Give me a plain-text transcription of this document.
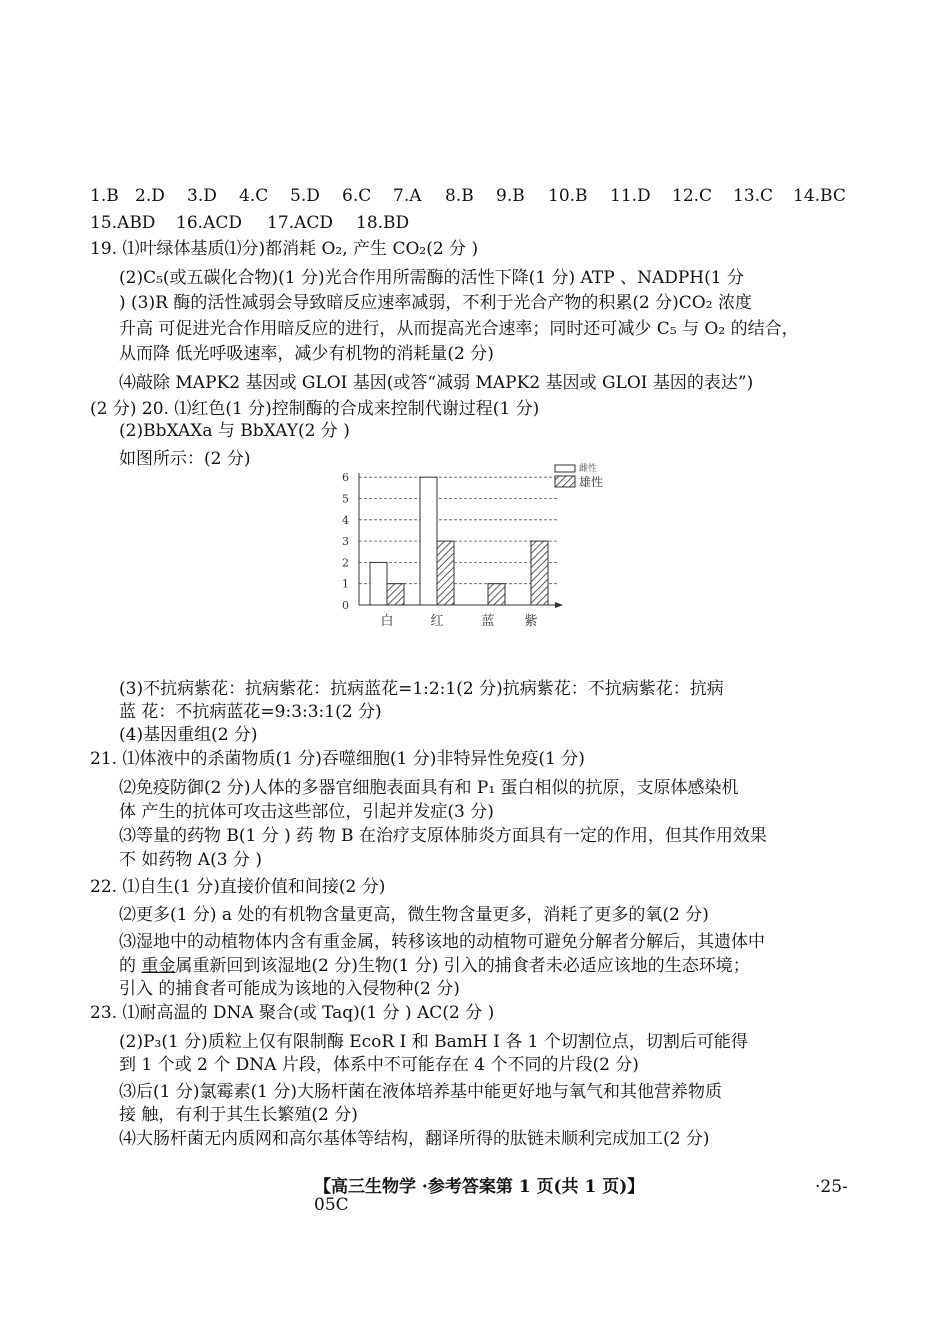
1.B 2.D 3.D 4.C 5.D 6.C 7.A 8.B 9.B 10.B 11.D 12.C 13.C 14.BC
15.ABD 16.ACD 17.ACD 18.BD
19. ⑴叶绿体基质⑴分)都消耗 O₂, 产生 CO₂(2 分 )
(2)C₅(或五碳化合物)(1 分)光合作用所需酶的活性下降(1 分) ATP 、NADPH(1 分
) (3)R 酶的活性减弱会导致暗反应速率减弱，不利于光合产物的积累(2 分)CO₂ 浓度
升高 可促进光合作用暗反应的进行，从而提高光合速率；同时还可减少 C₅ 与 O₂ 的结合，
从而降 低光呼吸速率，减少有机物的消耗量(2 分)
⑷敲除 MAPK2 基因或 GLOI 基因(或答“减弱 MAPK2 基因或 GLOI 基因的表达”)
(2 分) 20. ⑴红色(1 分)控制酶的合成来控制代谢过程(1 分)
(2)BbXAXa 与 BbXAY(2 分 )
如图所示：(2 分)
0
1
2
3
4
5
6
白	红	蓝 紫
雌性
雄性
(3)不抗病紫花：抗病紫花：抗病蓝花=1:2:1(2 分)抗病紫花：不抗病紫花：抗病
蓝 花：不抗病蓝花=9:3:3:1(2 分)
(4)基因重组(2 分)
21. ⑴体液中的杀菌物质(1 分)吞噬细胞(1 分)非特异性免疫(1 分)
⑵免疫防御(2 分)人体的多器官细胞表面具有和 P₁ 蛋白相似的抗原，支原体感染机
体 产生的抗体可攻击这些部位，引起并发症(3 分)
⑶等量的药物 B(1 分 ) 药 物 B 在治疗支原体肺炎方面具有一定的作用，但其作用效果
不 如药物 A(3 分 )
22. ⑴自生(1 分)直接价值和间接(2 分)
⑵更多(1 分) a 处的有机物含量更高，微生物含量更多，消耗了更多的氧(2 分)
⑶湿地中的动植物体内含有重金属，转移该地的动植物可避免分解者分解后，其遗体中
的 重金属重新回到该湿地(2 分)生物(1 分) 引入的捕食者未必适应该地的生态环境；
引入 的捕食者可能成为该地的入侵物种(2 分)
23. ⑴耐高温的 DNA 聚合(或 Taq)(1 分 ) AC(2 分 )
(2)P₃(1 分)质粒上仅有限制酶 EcoR I 和 BamH I 各 1 个切割位点，切割后可能得
到 1 个或 2 个 DNA 片段，体系中不可能存在 4 个不同的片段(2 分)
⑶后(1 分)氯霉素(1 分)大肠杆菌在液体培养基中能更好地与氧气和其他营养物质
接 触，有利于其生长繁殖(2 分)
⑷大肠杆菌无内质网和高尔基体等结构，翻译所得的肽链未顺利完成加工(2 分)
【高三生物学 ·参考答案第 1 页(共 1 页)】	·25-
05C
